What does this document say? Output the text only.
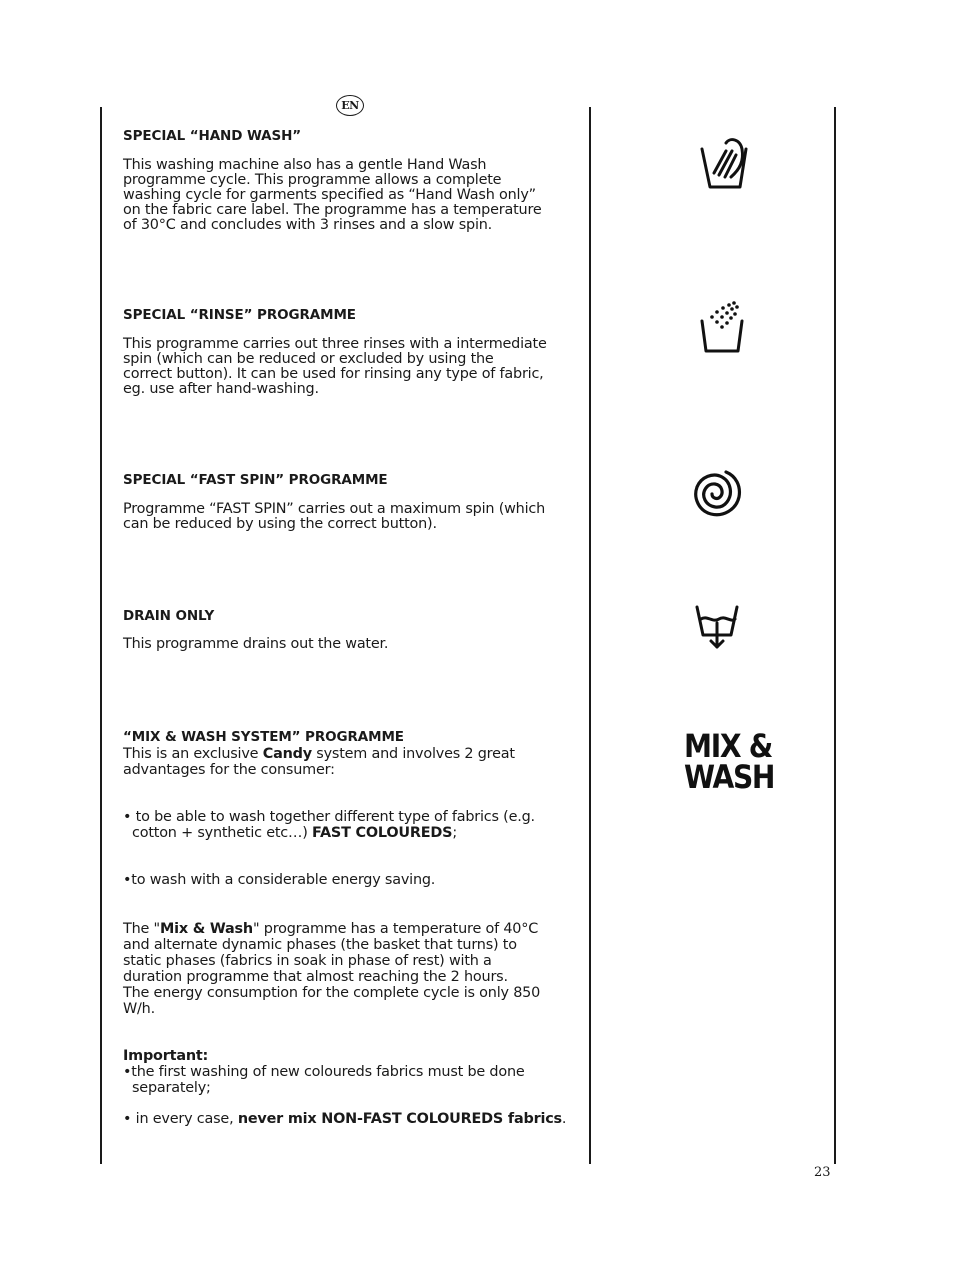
EN
SPECIAL “HAND WASH”
This washing machine also has a gentle Hand Wash
programme cycle. This programme allows a complete
washing cycle for garments specified as “Hand Wash only”
on the fabric care label. The programme has a temperature
of 30°C and concludes with 3 rinses and a slow spin.
SPECIAL “RINSE” PROGRAMME
This programme carries out three rinses with a intermediate
spin (which can be reduced or excluded by using the
correct button). It can be used for rinsing any type of fabric,
eg. use after hand-washing.
SPECIAL “FAST SPIN” PROGRAMME
Programme “FAST SPIN” carries out a maximum spin (which
can be reduced by using the correct button).
DRAIN ONLY
This programme drains out the water.
“MIX & WASH SYSTEM” PROGRAMME
This is an exclusive Candy system and involves 2 great
advantages for the consumer:
• to be able to wash together different type of fabrics (e.g.
cotton + synthetic etc…) FAST COLOUREDS;
•to wash with a considerable energy saving.
The "Mix & Wash" programme has a temperature of 40°C
and alternate dynamic phases (the basket that turns) to
static phases (fabrics in soak in phase of rest) with a
duration programme that almost reaching the 2 hours.
The energy consumption for the complete cycle is only 850
W/h.
Important:
•the first washing of new coloureds fabrics must be done
separately;
• in every case, never mix NON-FAST COLOUREDS fabrics.
MIX &
WASH
23
